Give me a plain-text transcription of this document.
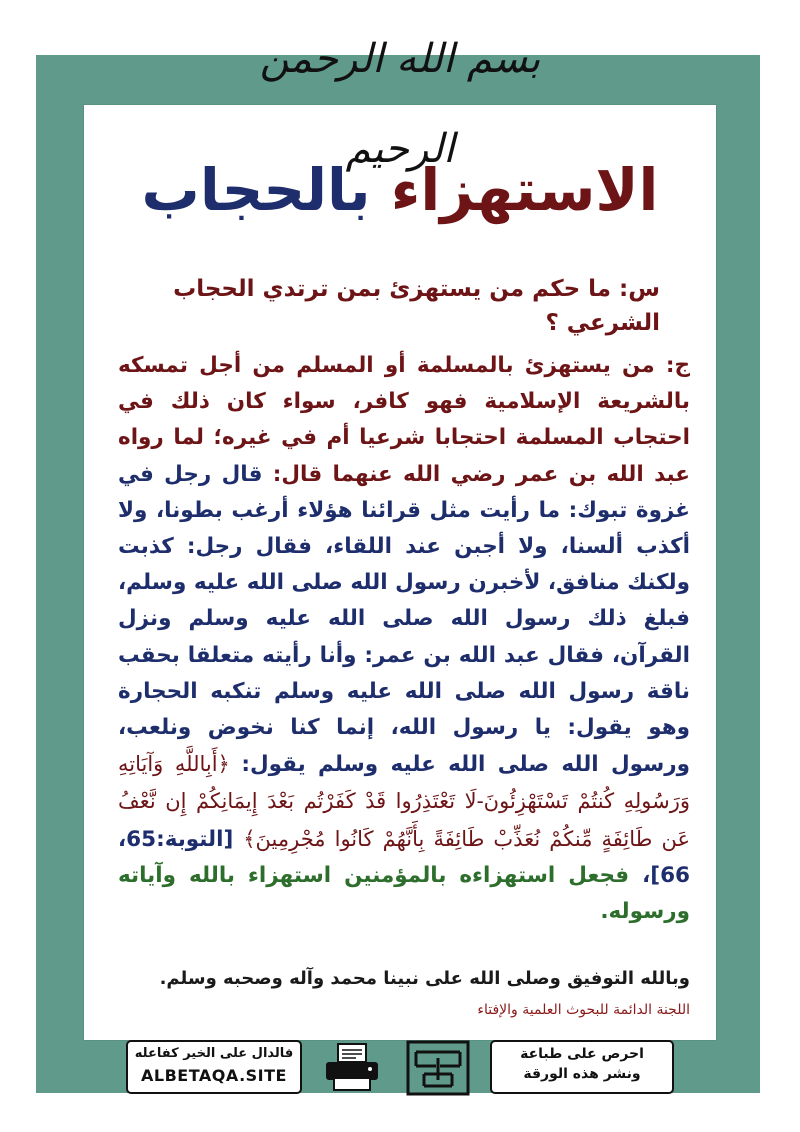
بسم الله الرحمن الرحيم
الاستهزاء بالحجاب
س: ما حكم من يستهزئ بمن ترتدي الحجاب الشرعي ؟
ج: من يستهزئ بالمسلمة أو المسلم من أجل تمسكه بالشريعة الإسلامية فهو كافر، سواء كان ذلك في احتجاب المسلمة احتجابا شرعيا أم في غيره؛ لما رواه عبد الله بن عمر رضي الله عنهما قال: قال رجل في غزوة تبوك: ما رأيت مثل قرائنا هؤلاء أرغب بطونا، ولا أكذب ألسنا، ولا أجبن عند اللقاء، فقال رجل: كذبت ولكنك منافق، لأخبرن رسول الله صلى الله عليه وسلم، فبلغ ذلك رسول الله صلى الله عليه وسلم ونزل القرآن، فقال عبد الله بن عمر: وأنا رأيته متعلقا بحقب ناقة رسول الله صلى الله عليه وسلم تنكبه الحجارة وهو يقول: يا رسول الله، إنما كنا نخوض ونلعب، ورسول الله صلى الله عليه وسلم يقول: ﴿أَبِاللَّهِ وَآيَاتِهِ وَرَسُولِهِ كُنتُمْ تَسْتَهْزِئُونَ-لَا تَعْتَذِرُوا قَدْ كَفَرْتُم بَعْدَ إِيمَانِكُمْ إِن نَّعْفُ عَن طَائِفَةٍ مِّنكُمْ نُعَذِّبْ طَائِفَةً بِأَنَّهُمْ كَانُوا مُجْرِمِينَ﴾ [التوبة:65، 66]، فجعل استهزاءه بالمؤمنين استهزاء بالله وآياته ورسوله.
وبالله التوفيق وصلى الله على نبينا محمد وآله وصحبه وسلم.
اللجنة الدائمة للبحوث العلمية والإفتاء
فالدال على الخير كفاعله
ALBETAQA.SITE
احرص على طباعة
ونشر هذه الورقة
